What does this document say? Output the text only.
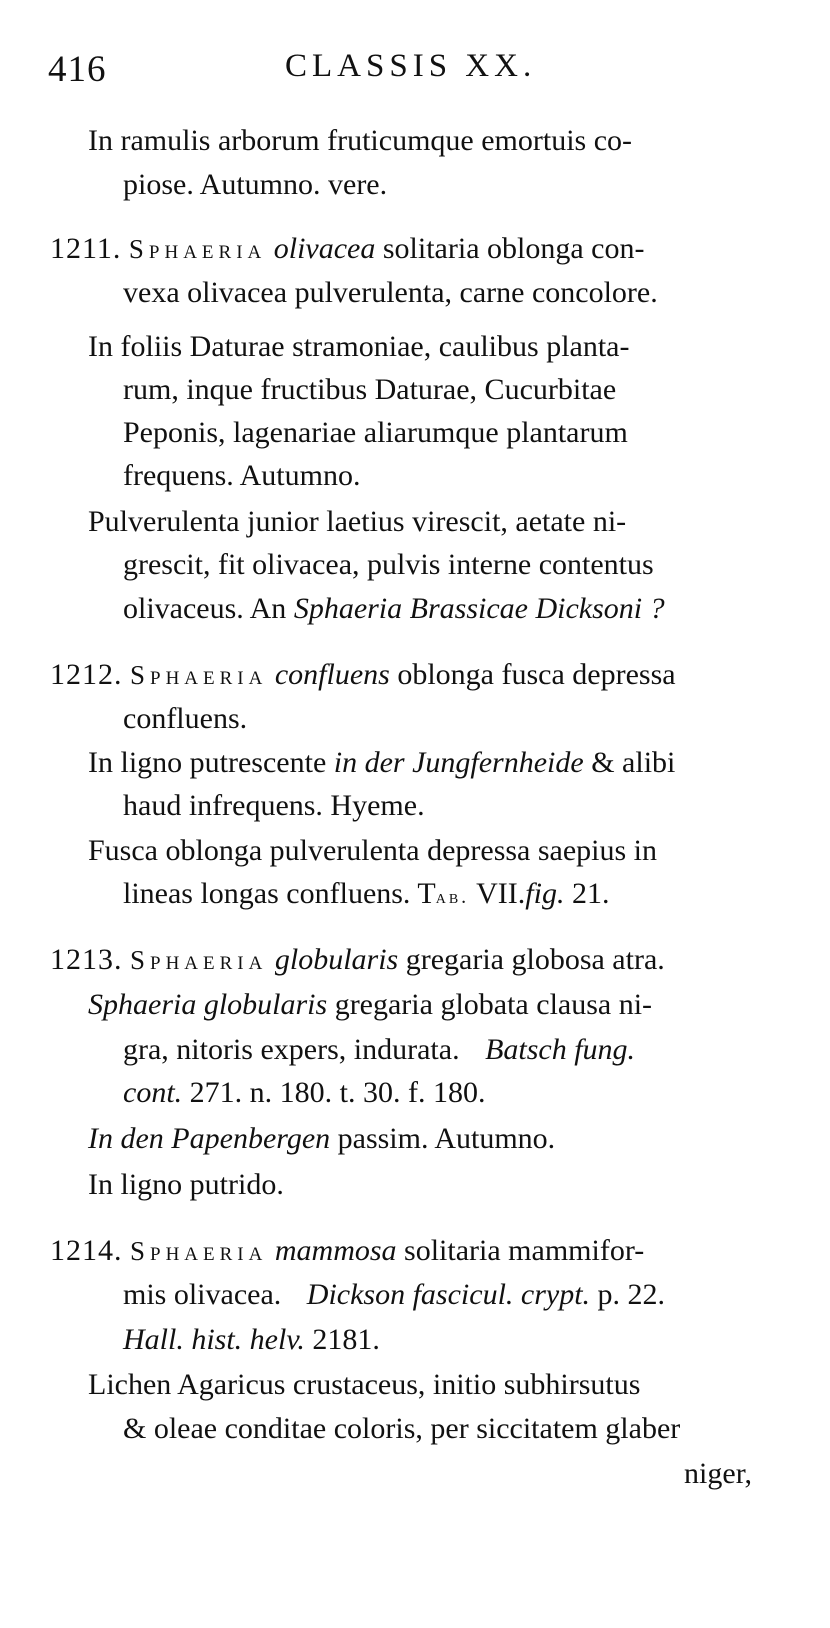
416	CLASSIS XX.
In ramulis arborum fruticumque emortuis co-
piose. Autumno. vere.
1211. Sphaeria olivacea solitaria oblonga con-
vexa olivacea pulverulenta, carne concolore.
In foliis Daturae stramoniae, caulibus planta-
rum, inque fructibus Daturae, Cucurbitae
Peponis, lagenariae aliarumque plantarum
frequens. Autumno.
Pulverulenta junior laetius virescit, aetate ni-
grescit, fit olivacea, pulvis interne contentus
olivaceus. An Sphaeria Brassicae Dicksoni ?
1212. Sphaeria confluens oblonga fusca depressa
confluens.
In ligno putrescente in der Jungfernheide & alibi
haud infrequens. Hyeme.
Fusca oblonga pulverulenta depressa saepius in
lineas longas confluens. Tab. VII.fig. 21.
1213. Sphaeria globularis gregaria globosa atra.
Sphaeria globularis gregaria globata clausa ni-
gra, nitoris expers, indurata. Batsch fung.
cont. 271. n. 180. t. 30. f. 180.
In den Papenbergen passim. Autumno.
In ligno putrido.
1214. Sphaeria mammosa solitaria mammifor-
mis olivacea. Dickson fascicul. crypt. p. 22.
Hall. hist. helv. 2181.
Lichen Agaricus crustaceus, initio subhirsutus
& oleae conditae coloris, per siccitatem glaber
niger,
